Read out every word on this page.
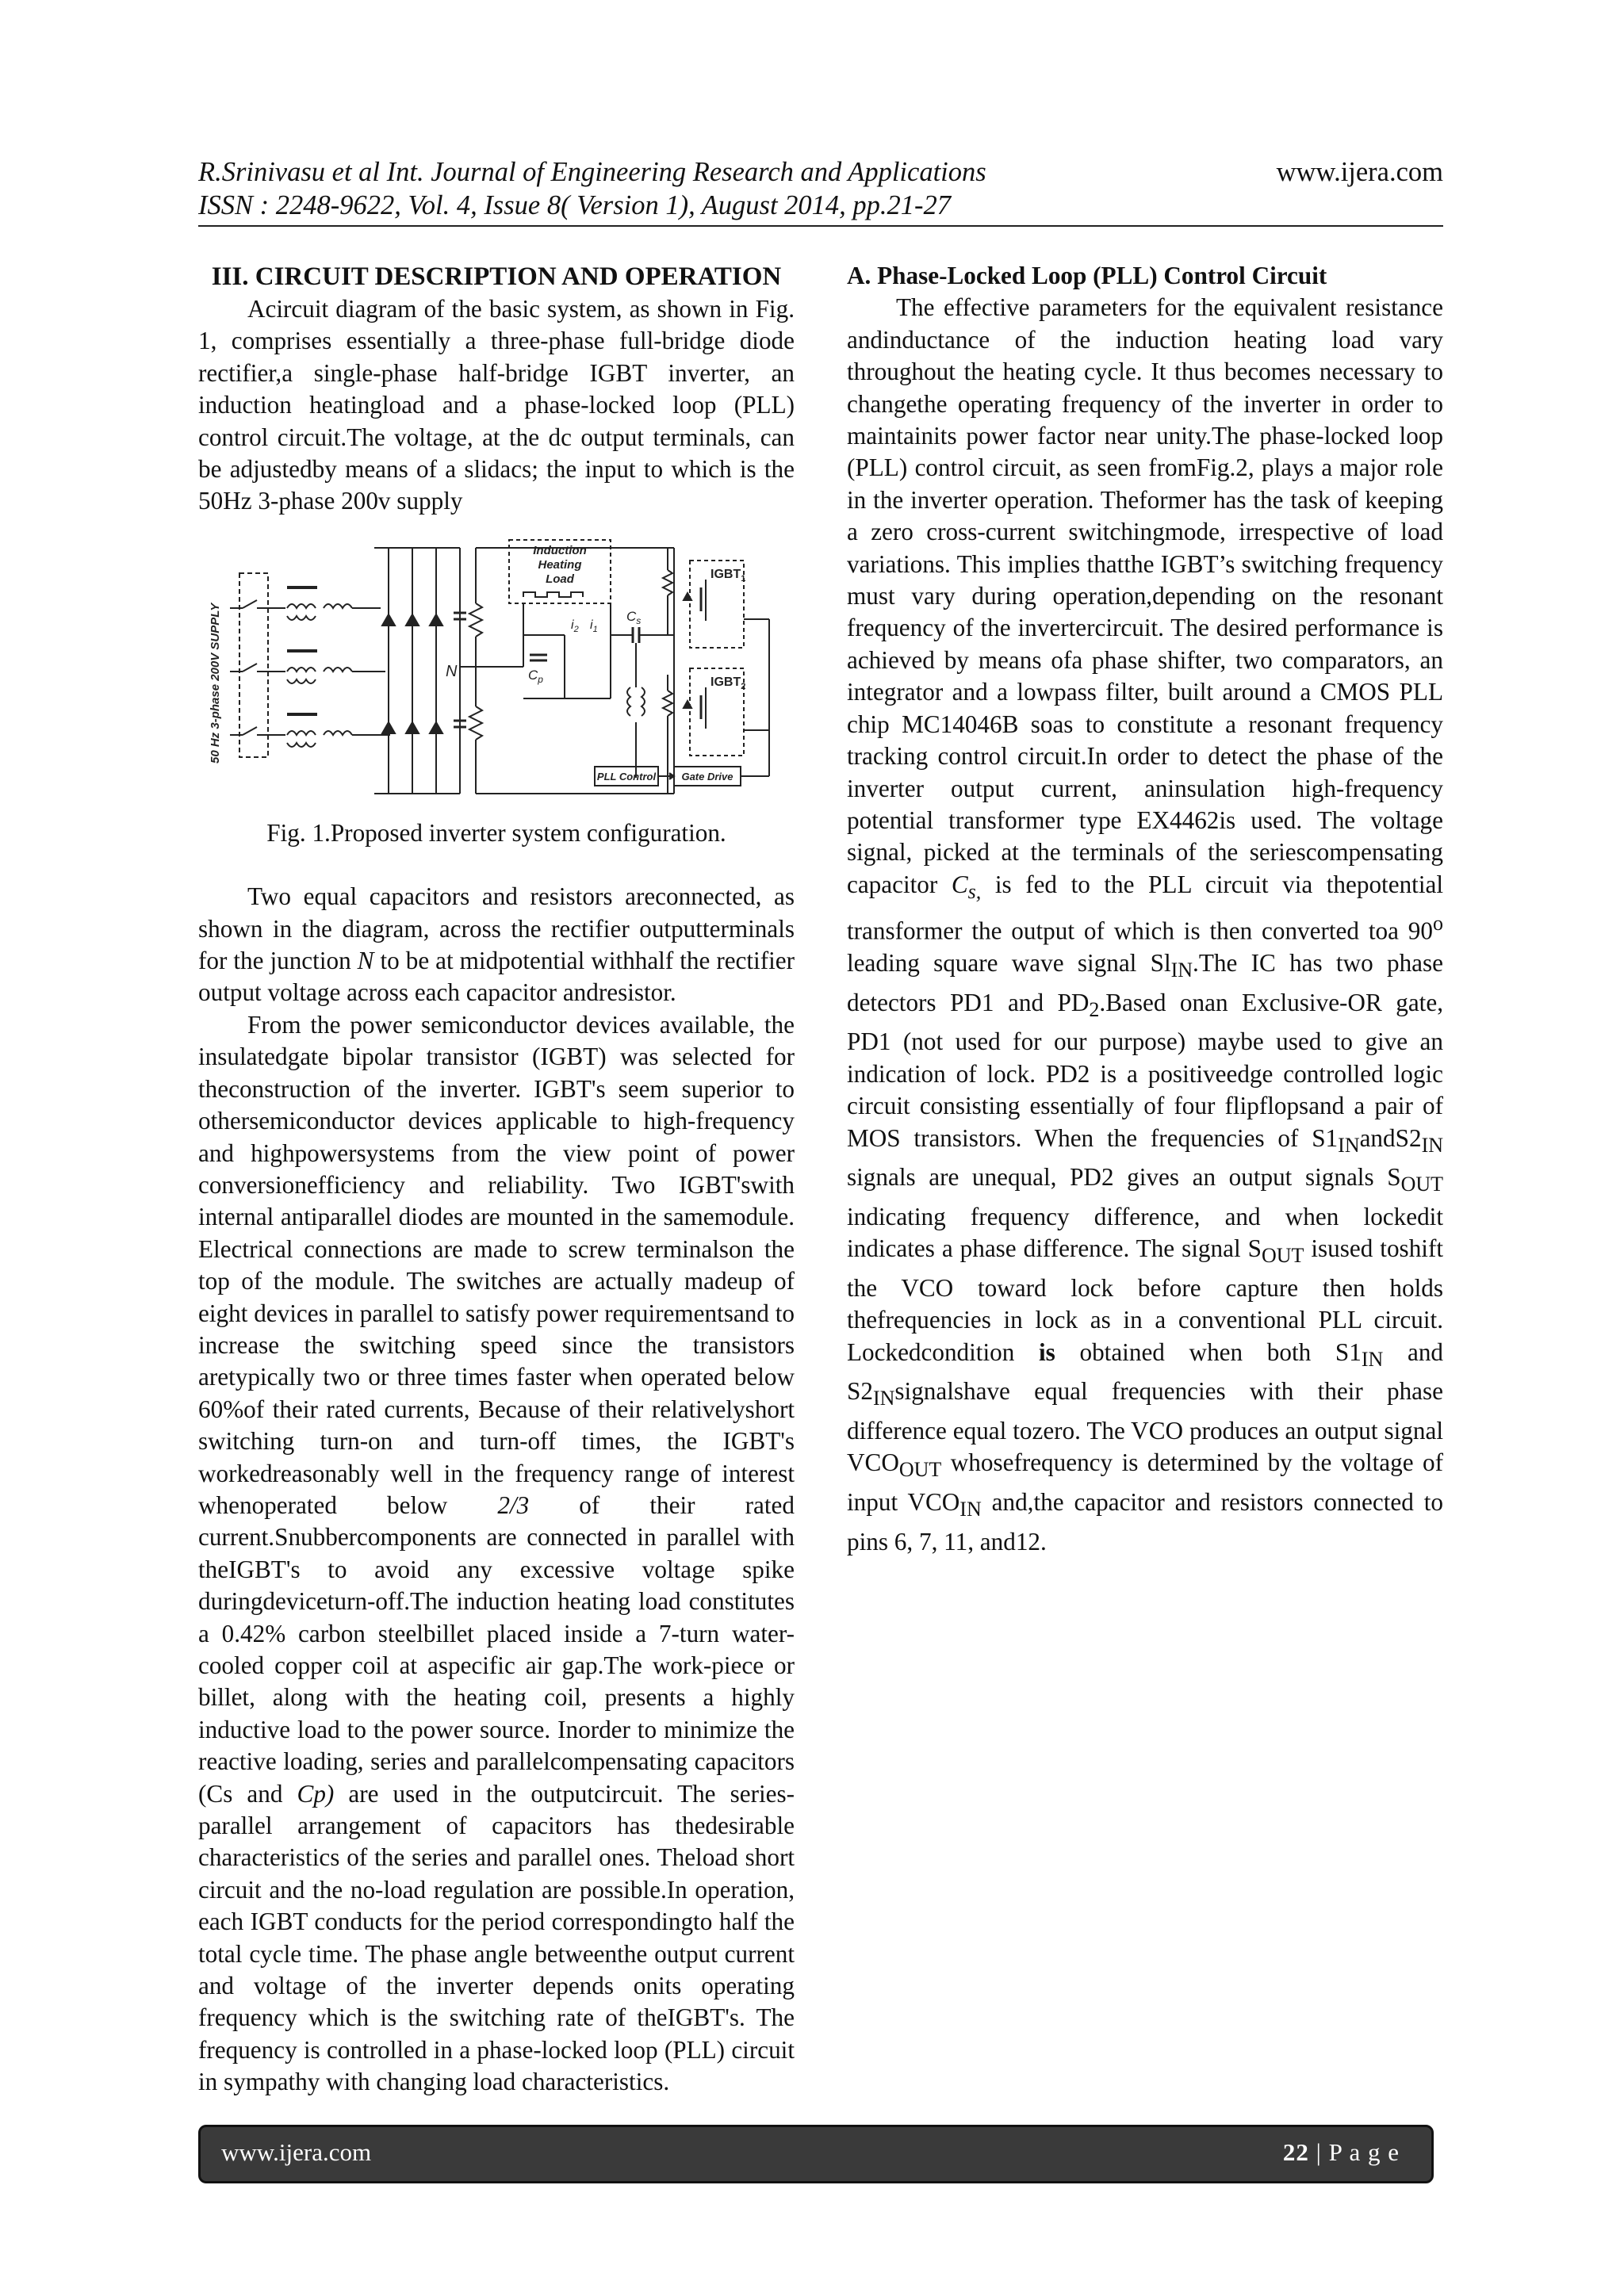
R.Srinivasu et al Int. Journal of Engineering Research and Applications	www.ijera.com
ISSN : 2248-9622, Vol. 4, Issue 8( Version 1), August 2014, pp.21-27

III. CIRCUIT DESCRIPTION AND OPERATION

Acircuit diagram of the basic system, as shown in Fig. 1, comprises essentially a three-phase full-bridge diode rectifier,a single-phase half-bridge IGBT inverter, an induction heatingload and a phase-locked loop (PLL) control circuit.The voltage, at the dc output terminals, can be adjustedby means of a slidacs; the input to which is the 50Hz 3-phase 200v supply

50 Hz 3-phase 200V SUPPLY	N
Induction
Heating
Load
$C_p$
$i_2$ $i_1$
$C_s$
$IGBT_1$
$IGBT_2$
PLL Control Gate Drive

Fig. 1.Proposed inverter system configuration.

Two equal capacitors and resistors areconnected, as shown in the diagram, across the rectifier outputterminals for the junction N to be at midpotential withhalf the rectifier output voltage across each capacitor andresistor.

From the power semiconductor devices available, the insulatedgate bipolar transistor (IGBT) was selected for theconstruction of the inverter. IGBT's seem superior to othersemiconductor devices applicable to high-frequency and highpowersystems from the view point of power conversionefficiency and reliability. Two IGBT'swith internal antiparallel diodes are mounted in the samemodule. Electrical connections are made to screw terminalson the top of the module. The switches are actually madeup of eight devices in parallel to satisfy power requirementsand to increase the switching speed since the transistors aretypically two or three times faster when operated below 60%of their rated currents, Because of their relativelyshort switching turn-on and turn-off times, the IGBT's workedreasonably well in the frequency range of interest whenoperated below 2/3 of their rated current.Snubbercomponents are connected in parallel with theIGBT's to avoid any excessive voltage spike duringdeviceturn-off.The induction heating load constitutes a 0.42% carbon steelbillet placed inside a 7-turn water-cooled copper coil at aspecific air gap.The work-piece or billet, along with the heating coil, presents a highly inductive load to the power source. Inorder to minimize the reactive loading, series and parallelcompensating capacitors (Cs and Cp) are used in the outputcircuit. The series-parallel arrangement of capacitors has thedesirable characteristics of the series and parallel ones. Theload short circuit and the no-load regulation are possible.In operation, each IGBT conducts for the period correspondingto half the total cycle time. The phase angle betweenthe output current and voltage of the inverter depends onits operating frequency which is the switching rate of theIGBT's. The frequency is controlled in a phase-locked loop (PLL) circuit in sympathy with changing load characteristics.

A. Phase-Locked Loop (PLL) Control Circuit

The effective parameters for the equivalent resistance andinductance of the induction heating load vary throughout the heating cycle. It thus becomes necessary to changethe operating frequency of the inverter in order to maintainits power factor near unity.The phase-locked loop (PLL) control circuit, as seen fromFig.2, plays a major role in the inverter operation. Theformer has the task of keeping a zero cross-current switchingmode, irrespective of load variations. This implies thatthe IGBT’s switching frequency must vary during operation,depending on the resonant frequency of the invertercircuit. The desired performance is achieved by means ofa phase shifter, two comparators, an integrator and a lowpass filter, built around a CMOS PLL chip MC14046B soas to constitute a resonant frequency tracking control circuit.In order to detect the phase of the inverter output current, aninsulation high-frequency potential transformer type EX4462is used. The voltage signal, picked at the terminals of the seriescompensating capacitor $C_{s,}$ is fed to the PLL circuit via thepotential transformer the output of which is then converted toa 90$^o$ leading square wave signal $Sl_{IN}.The$ IC has two phase detectors PD1 and $PD_2.Based$ onan Exclusive-OR gate, PD1 (not used for our purpose) maybe used to give an indication of lock. PD2 is a positiveedge controlled logic circuit consisting essentially of four flipflopsand a pair of MOS transistors. When the frequencies of $S1_{IN}andS2_{IN}$ signals are unequal, PD2 gives an output signals $S_{OUT}$ indicating frequency difference, and when lockedit indicates a phase difference. The signal $S_{OUT}$ isused toshift the VCO toward lock before capture then holds thefrequencies in lock as in a conventional PLL circuit. Lockedcondition is obtained when both $S1_{IN}$ and $S2_{IN}signalshave$ equal frequencies with their phase difference equal tozero. The VCO produces an output signal $VCO_{OUT}$ whosefrequency is determined by the voltage of input $VCO_{IN}$ and,the capacitor and resistors connected to pins 6, 7, 11, and12.

www.ijera.com	22 | P a g e
